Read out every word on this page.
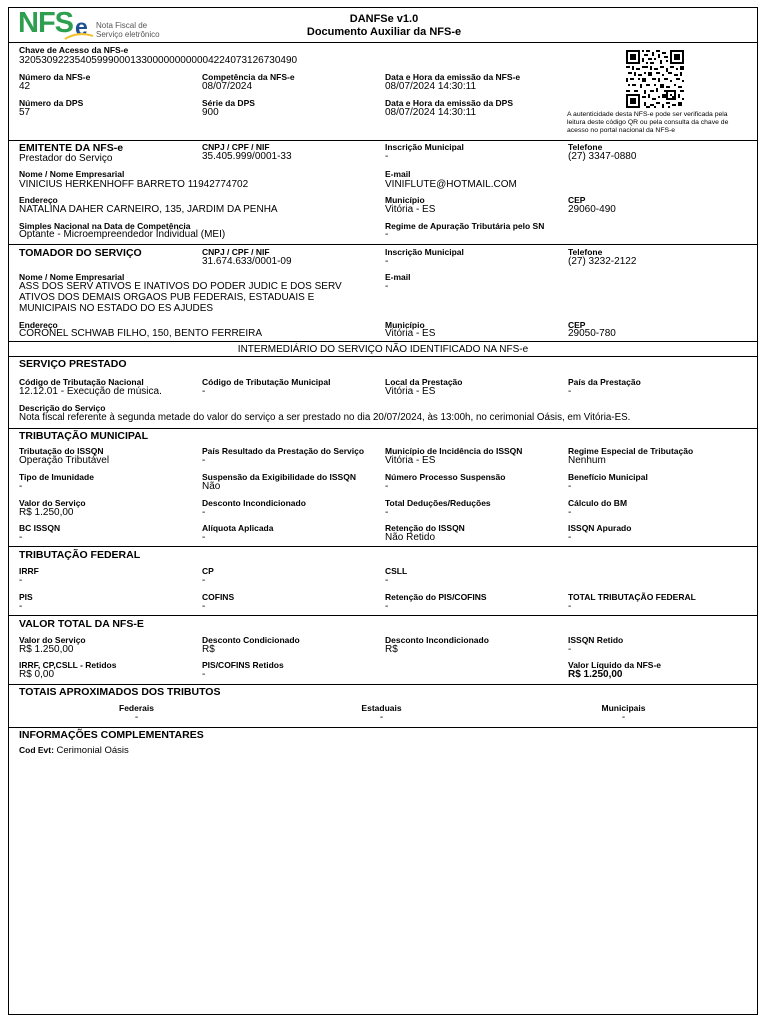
NFS e Nota Fiscal de
Serviço eletrônico
DANFSe v1.0
Documento Auxiliar da NFS-e
Chave de Acesso da NFS-e
32053092235405999000133000000000004224073126730490
Número da NFS-e
42
Competência da NFS-e
08/07/2024
Data e Hora da emissão da NFS-e
08/07/2024 14:30:11
Número da DPS
57
Série da DPS
900
Data e Hora da emissão da DPS
08/07/2024 14:30:11	A autenticidade desta NFS-e pode ser verificada pela leitura deste código QR ou pela consulta da chave de acesso no portal nacional da NFS-e
EMITENTE DA NFS-e
Prestador do Serviço
CNPJ / CPF / NIF
35.405.999/0001-33
Inscrição Municipal
-
Telefone
(27) 3347-0880
Nome / Nome Empresarial
VINICIUS HERKENHOFF BARRETO 11942774702
E-mail
VINIFLUTE@HOTMAIL.COM
Endereço
NATALINA DAHER CARNEIRO, 135, JARDIM DA PENHA
Município
Vitória - ES
CEP
29060-490
Simples Nacional na Data de Competência
Optante - Microempreendedor Individual (MEI)
Regime de Apuração Tributária pelo SN
-
TOMADOR DO SERVIÇO	CNPJ / CPF / NIF
31.674.633/0001-09
Inscrição Municipal
-
Telefone
(27) 3232-2122
Nome / Nome Empresarial
ASS DOS SERV ATIVOS E INATIVOS DO PODER JUDIC E DOS SERV
ATIVOS DOS DEMAIS ORGAOS PUB FEDERAIS, ESTADUAIS E
MUNICIPAIS NO ESTADO DO ES AJUDES
E-mail
-
Endereço
CORONEL SCHWAB FILHO, 150, BENTO FERREIRA
Município
Vitória - ES
CEP
29050-780
INTERMEDIÁRIO DO SERVIÇO NÃO IDENTIFICADO NA NFS-e
SERVIÇO PRESTADO
Código de Tributação Nacional
12.12.01 - Execução de música.
Código de Tributação Municipal
-
Local da Prestação
Vitória - ES
País da Prestação
-
Descrição do Serviço
Nota fiscal referente à segunda metade do valor do serviço a ser prestado no dia 20/07/2024, às 13:00h, no cerimonial Oásis, em Vitória-ES.
TRIBUTAÇÃO MUNICIPAL
Tributação do ISSQN
Operação Tributável
País Resultado da Prestação do Serviço
-
Município de Incidência do ISSQN
Vitória - ES
Regime Especial de Tributação
Nenhum
Tipo de Imunidade
-
Suspensão da Exigibilidade do ISSQN
Não
Número Processo Suspensão
-
Benefício Municipal
-
Valor do Serviço
R$ 1.250,00
Desconto Incondicionado
-
Total Deduções/Reduções
-
Cálculo do BM
-
BC ISSQN
-
Alíquota Aplicada
-
Retenção do ISSQN
Não Retido
ISSQN Apurado
-
TRIBUTAÇÃO FEDERAL
IRRF
-
CP
-
CSLL
-
PIS
-
COFINS
-
Retenção do PIS/COFINS
-
TOTAL TRIBUTAÇÃO FEDERAL
-
VALOR TOTAL DA NFS-E
Valor do Serviço
R$ 1.250,00
Desconto Condicionado
R$
Desconto Incondicionado
R$
ISSQN Retido
-
IRRF, CP,CSLL - Retidos
R$ 0,00
PIS/COFINS Retidos
-
Valor Líquido da NFS-e
R$ 1.250,00
TOTAIS APROXIMADOS DOS TRIBUTOS
Federais
-
Estaduais
-
Municipais
-
INFORMAÇÕES COMPLEMENTARES
Cod Evt: Cerimonial Oásis
